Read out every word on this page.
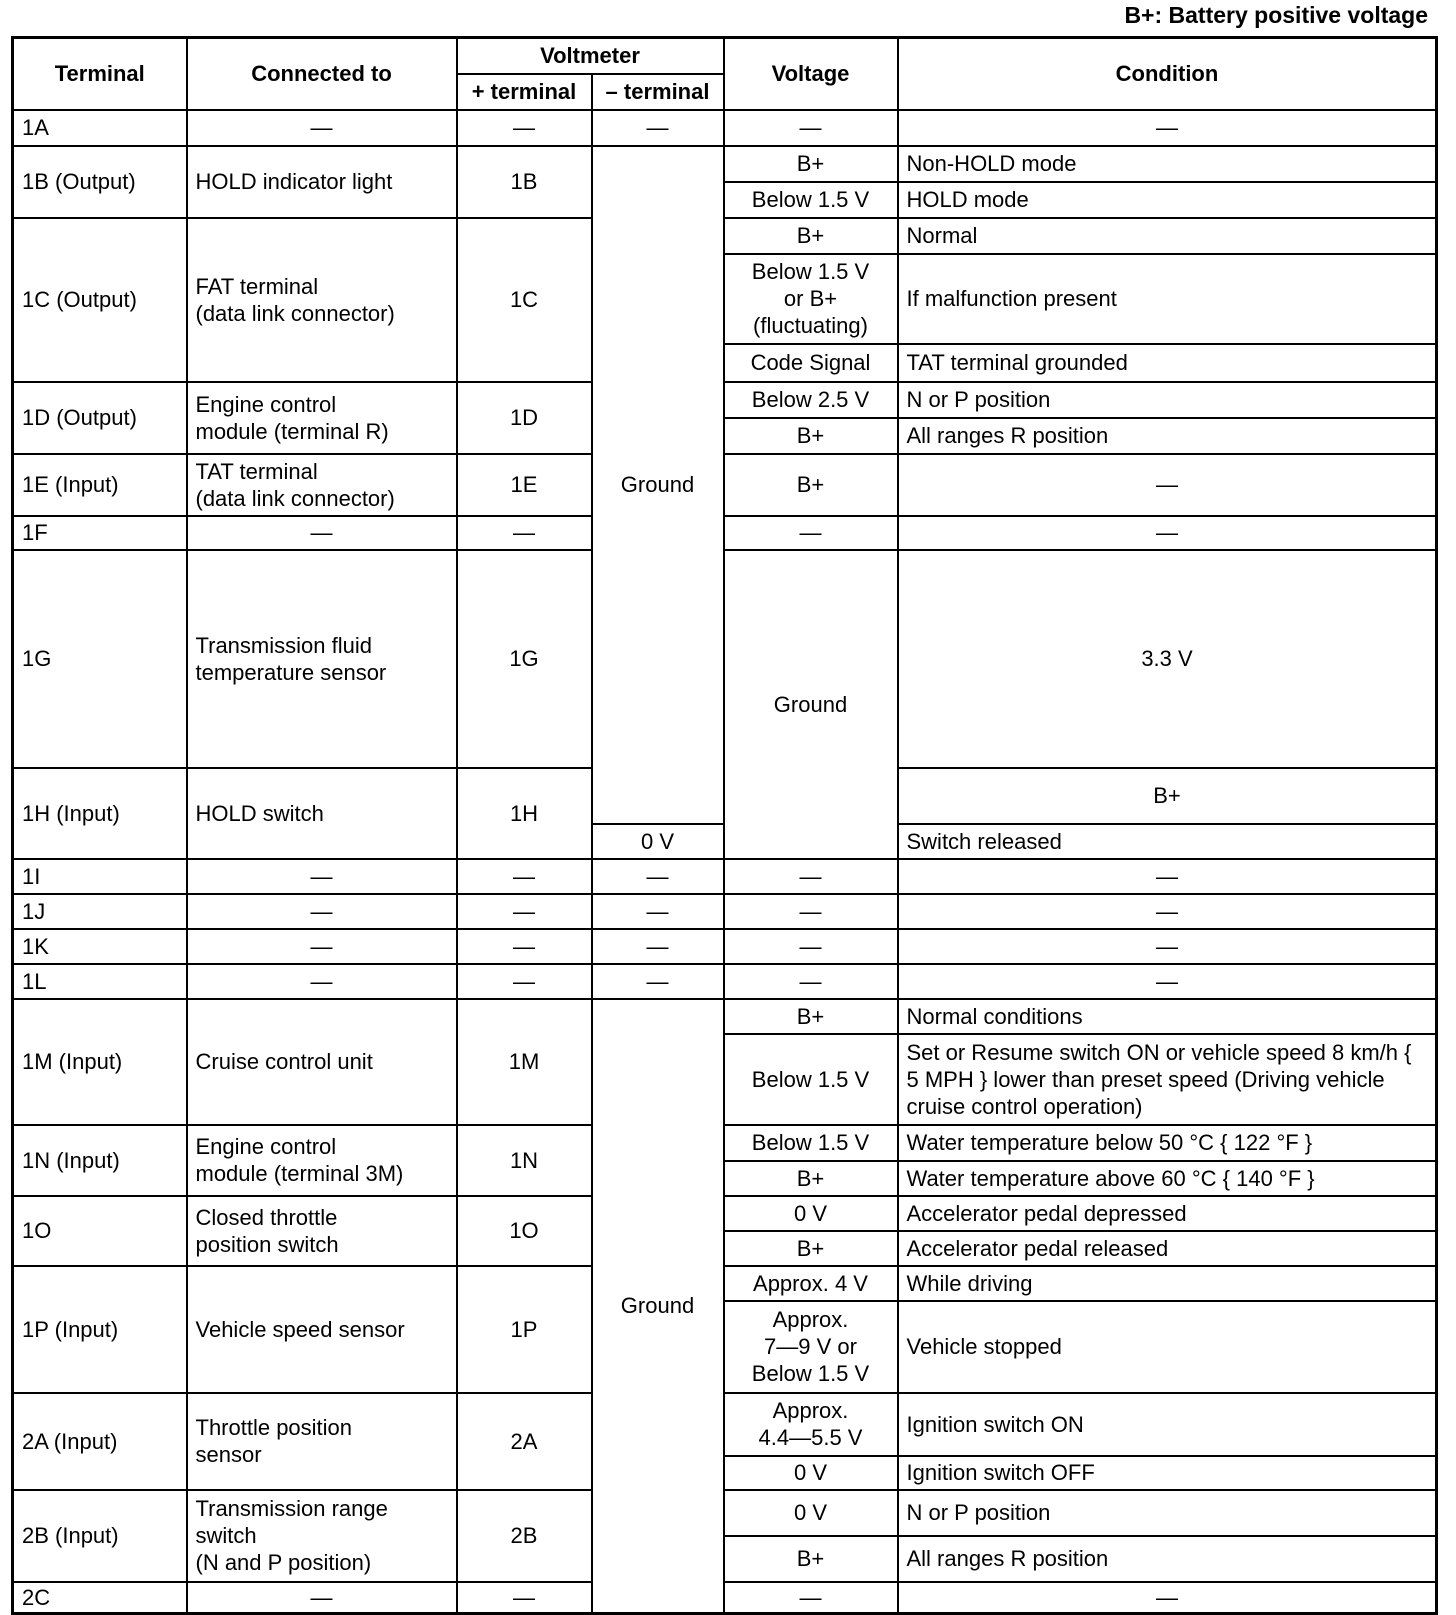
B+: Battery positive voltage
Terminal	Connected to	Voltmeter		Voltage	Condition	
		+ terminal	– terminal			
1A	—	—	—	—	—	
1B (Output)	HOLD indicator light	1B	Ground	B+	Non-HOLD mode	
				Below 1.5 V	HOLD mode	
1C (Output)	FAT terminal
(data link connector)	1C		B+	Normal	
				Below 1.5 V
or B+
(fluctuating)	If malfunction present	
				Code Signal	TAT terminal grounded	
1D (Output)	Engine control
module (terminal R)	1D		Below 2.5 V	N or P position	
				B+	All ranges R position	
1E (Input)	TAT terminal
(data link connector)	1E		B+	—	
1F	—	—		—	—	
1G	Transmission fluid
temperature sensor	1G		Ground	3.3 V	
1H (Input)	HOLD switch	1H			B+	
			0 V		Switch released	
1I	—	—	—	—	—	
1J	—	—	—	—	—	
1K	—	—	—	—	—	
1L	—	—	—	—	—	
1M (Input)	Cruise control unit	1M	Ground	B+	Normal conditions	
				Below 1.5 V	Set or Resume switch ON or vehicle speed 8 km/h { 5 MPH } lower than preset speed (Driving vehicle cruise control operation)	
1N (Input)	Engine control
module (terminal 3M)	1N		Below 1.5 V	Water temperature below 50 °C { 122 °F }	
				B+	Water temperature above 60 °C { 140 °F }	
1O	Closed throttle
position switch	1O		0 V	Accelerator pedal depressed	
				B+	Accelerator pedal released	
1P (Input)	Vehicle speed sensor	1P		Approx. 4 V	While driving	
				Approx.
7—9 V or
Below 1.5 V	Vehicle stopped	
2A (Input)	Throttle position
sensor	2A		Approx.
4.4—5.5 V	Ignition switch ON	
				0 V	Ignition switch OFF	
2B (Input)	Transmission range
switch
(N and P position)	2B		0 V	N or P position	
				B+	All ranges R position	
2C	—	—		—	—	
